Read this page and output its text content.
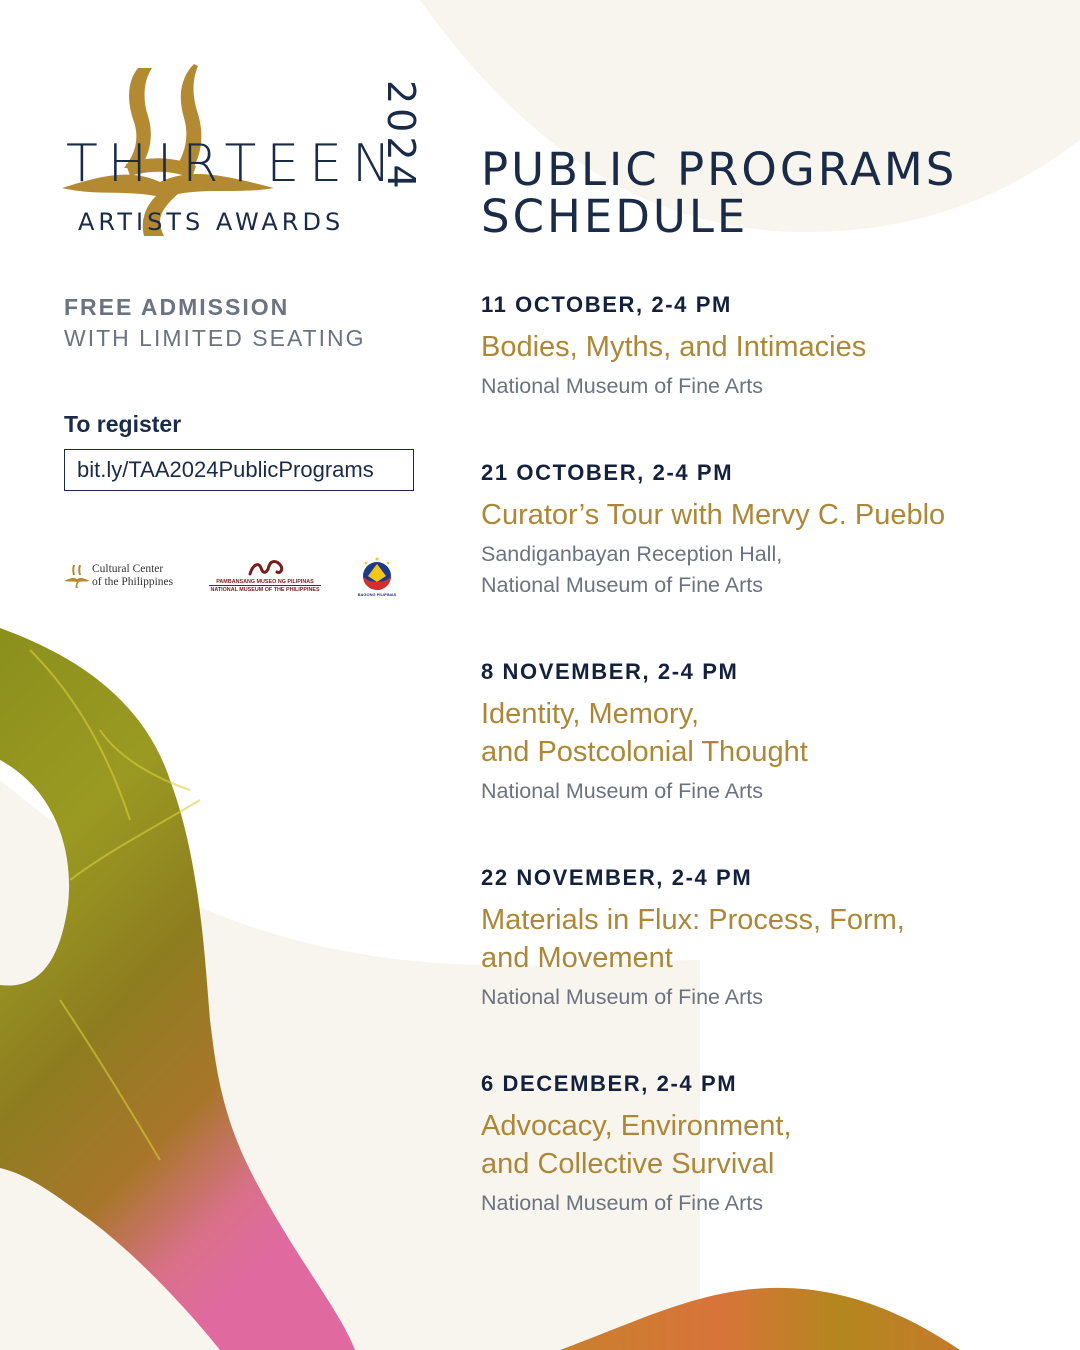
THIRTEEN
ARTISTS AWARDS
2024
FREE ADMISSION
WITH LIMITED SEATING
To register
bit.ly/TAA2024PublicPrograms
Cultural Center
of the Philippines	PAMBANSANG MUSEO NG PILIPINAS
NATIONAL MUSEUM OF THE PHILIPPINES
BAGONG PILIPINAS
PUBLIC PROGRAMS
SCHEDULE
11 OCTOBER, 2-4 PM
Bodies, Myths, and Intimacies
National Museum of Fine Arts
21 OCTOBER, 2-4 PM
Curator’s Tour with Mervy C. Pueblo
Sandiganbayan Reception Hall,
National Museum of Fine Arts
8 NOVEMBER, 2-4 PM
Identity, Memory,
and Postcolonial Thought
National Museum of Fine Arts
22 NOVEMBER, 2-4 PM
Materials in Flux: Process, Form,
and Movement
National Museum of Fine Arts
6 DECEMBER, 2-4 PM
Advocacy, Environment,
and Collective Survival
National Museum of Fine Arts
